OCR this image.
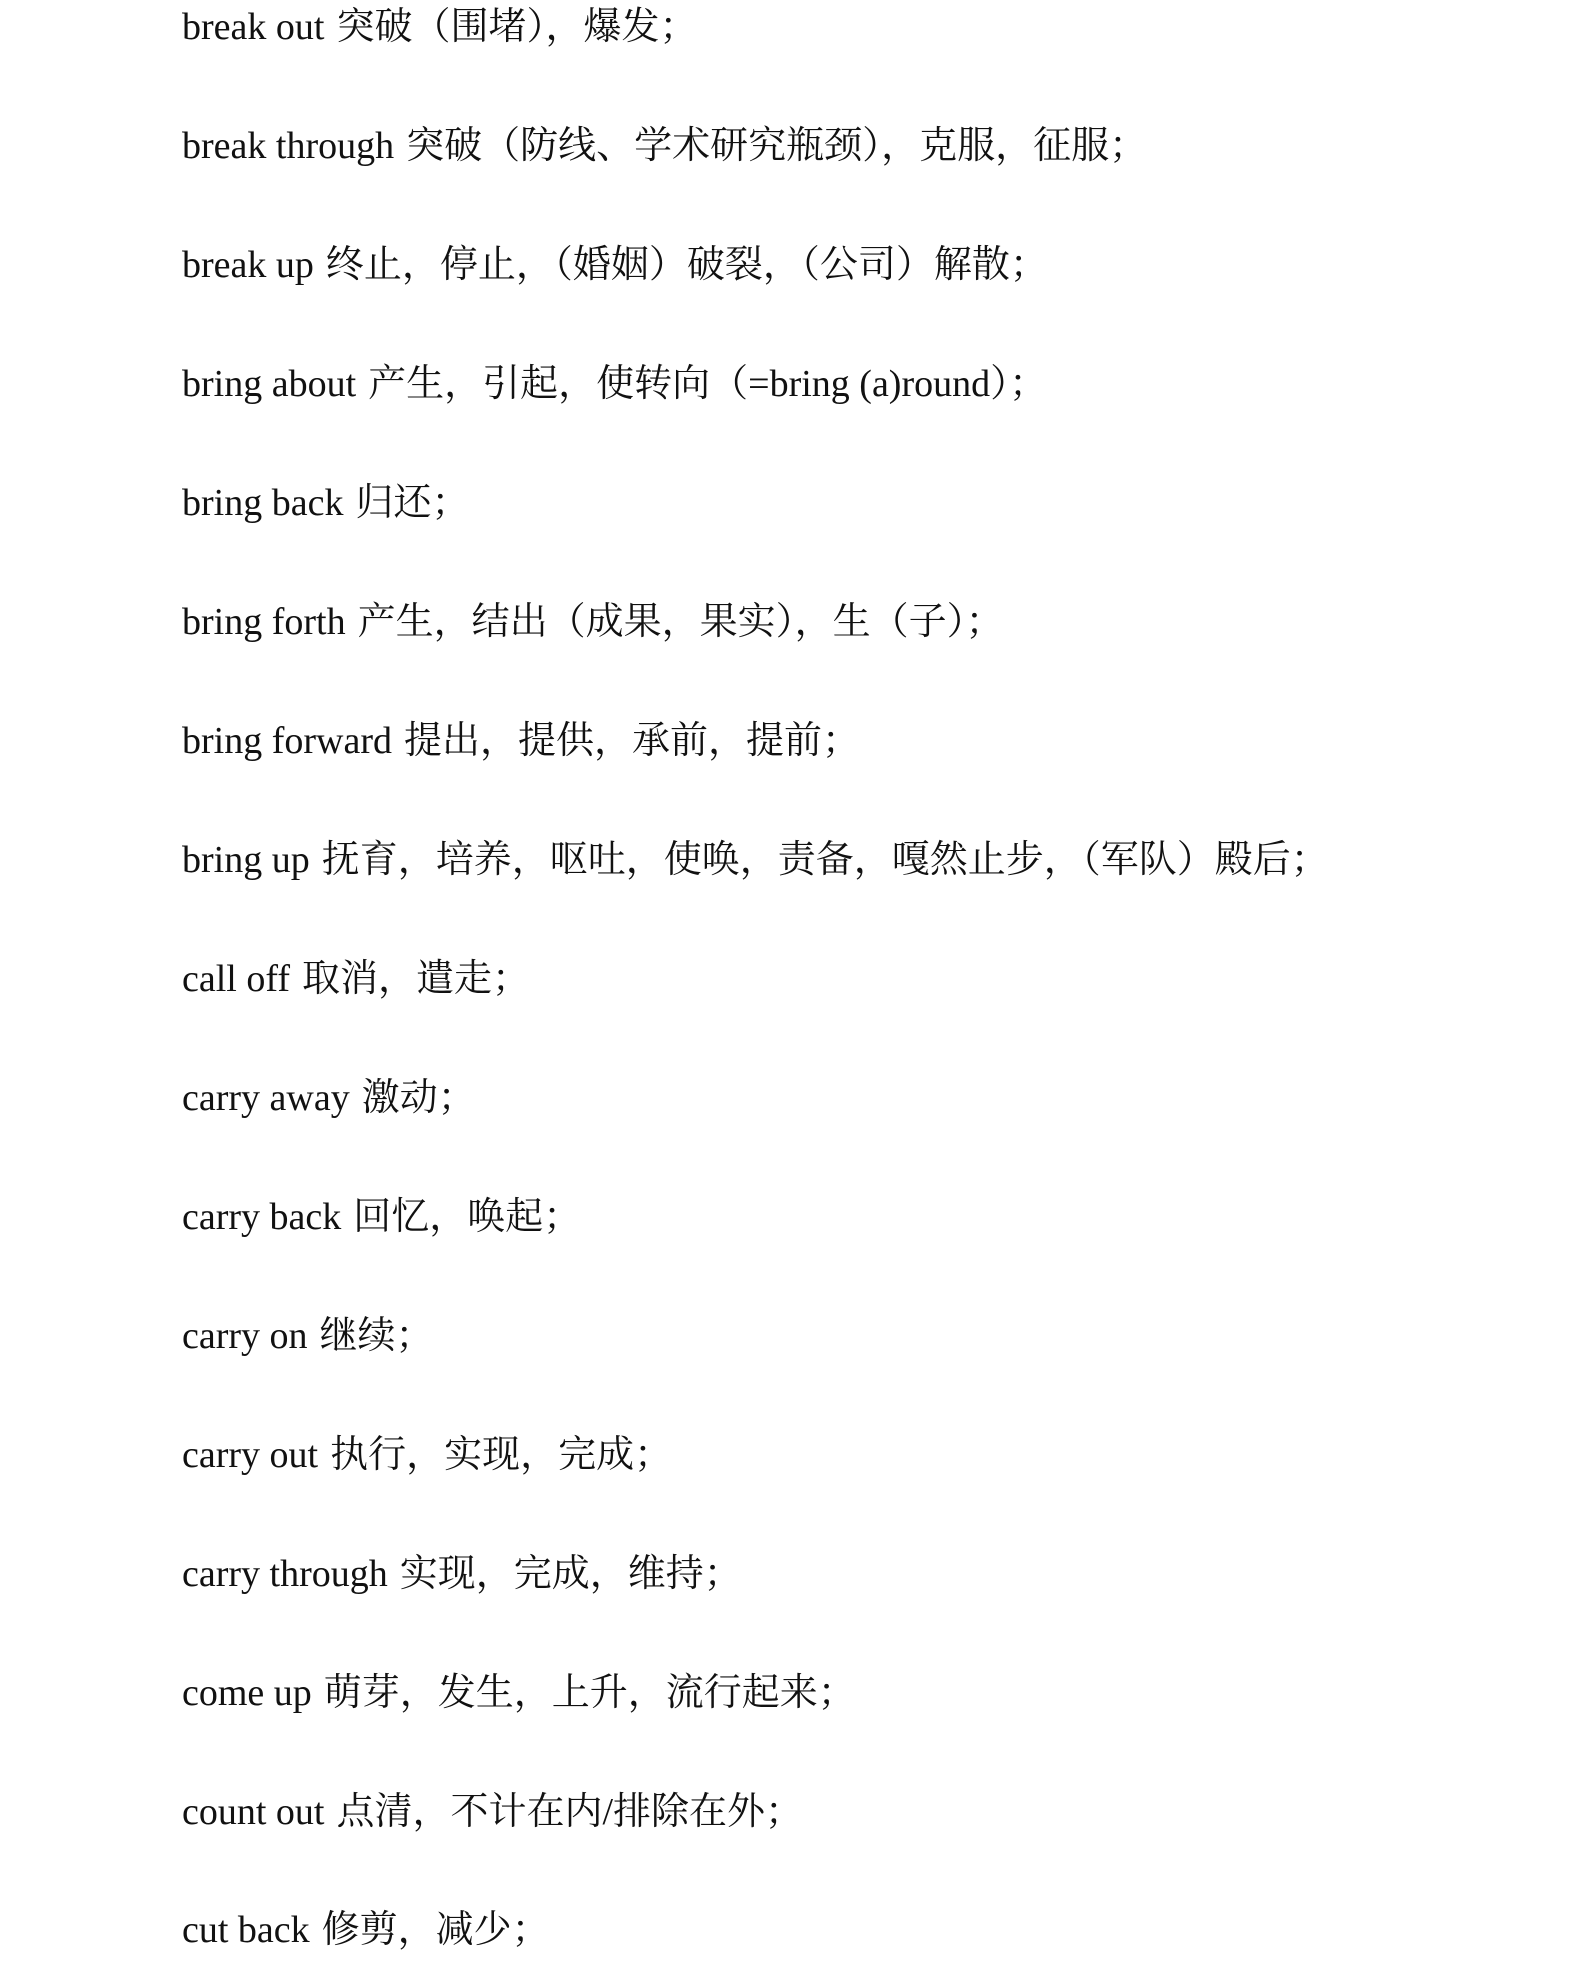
break out 突破（围堵），爆发；
break through 突破（防线、学术研究瓶颈），克服，征服；
break up 终止，停止，（婚姻）破裂，（公司）解散；
bring about 产生，引起，使转向（=bring (a)round）；
bring back 归还；
bring forth 产生，结出（成果，果实），生（子）；
bring forward 提出，提供，承前，提前；
bring up 抚育，培养，呕吐，使唤，责备，嘎然止步，（军队）殿后；
call off 取消，遣走；
carry away 激动；
carry back 回忆，唤起；
carry on 继续；
carry out 执行，实现，完成；
carry through 实现，完成，维持；
come up 萌芽，发生，上升，流行起来；
count out 点清，不计在内/排除在外；
cut back 修剪，减少；
